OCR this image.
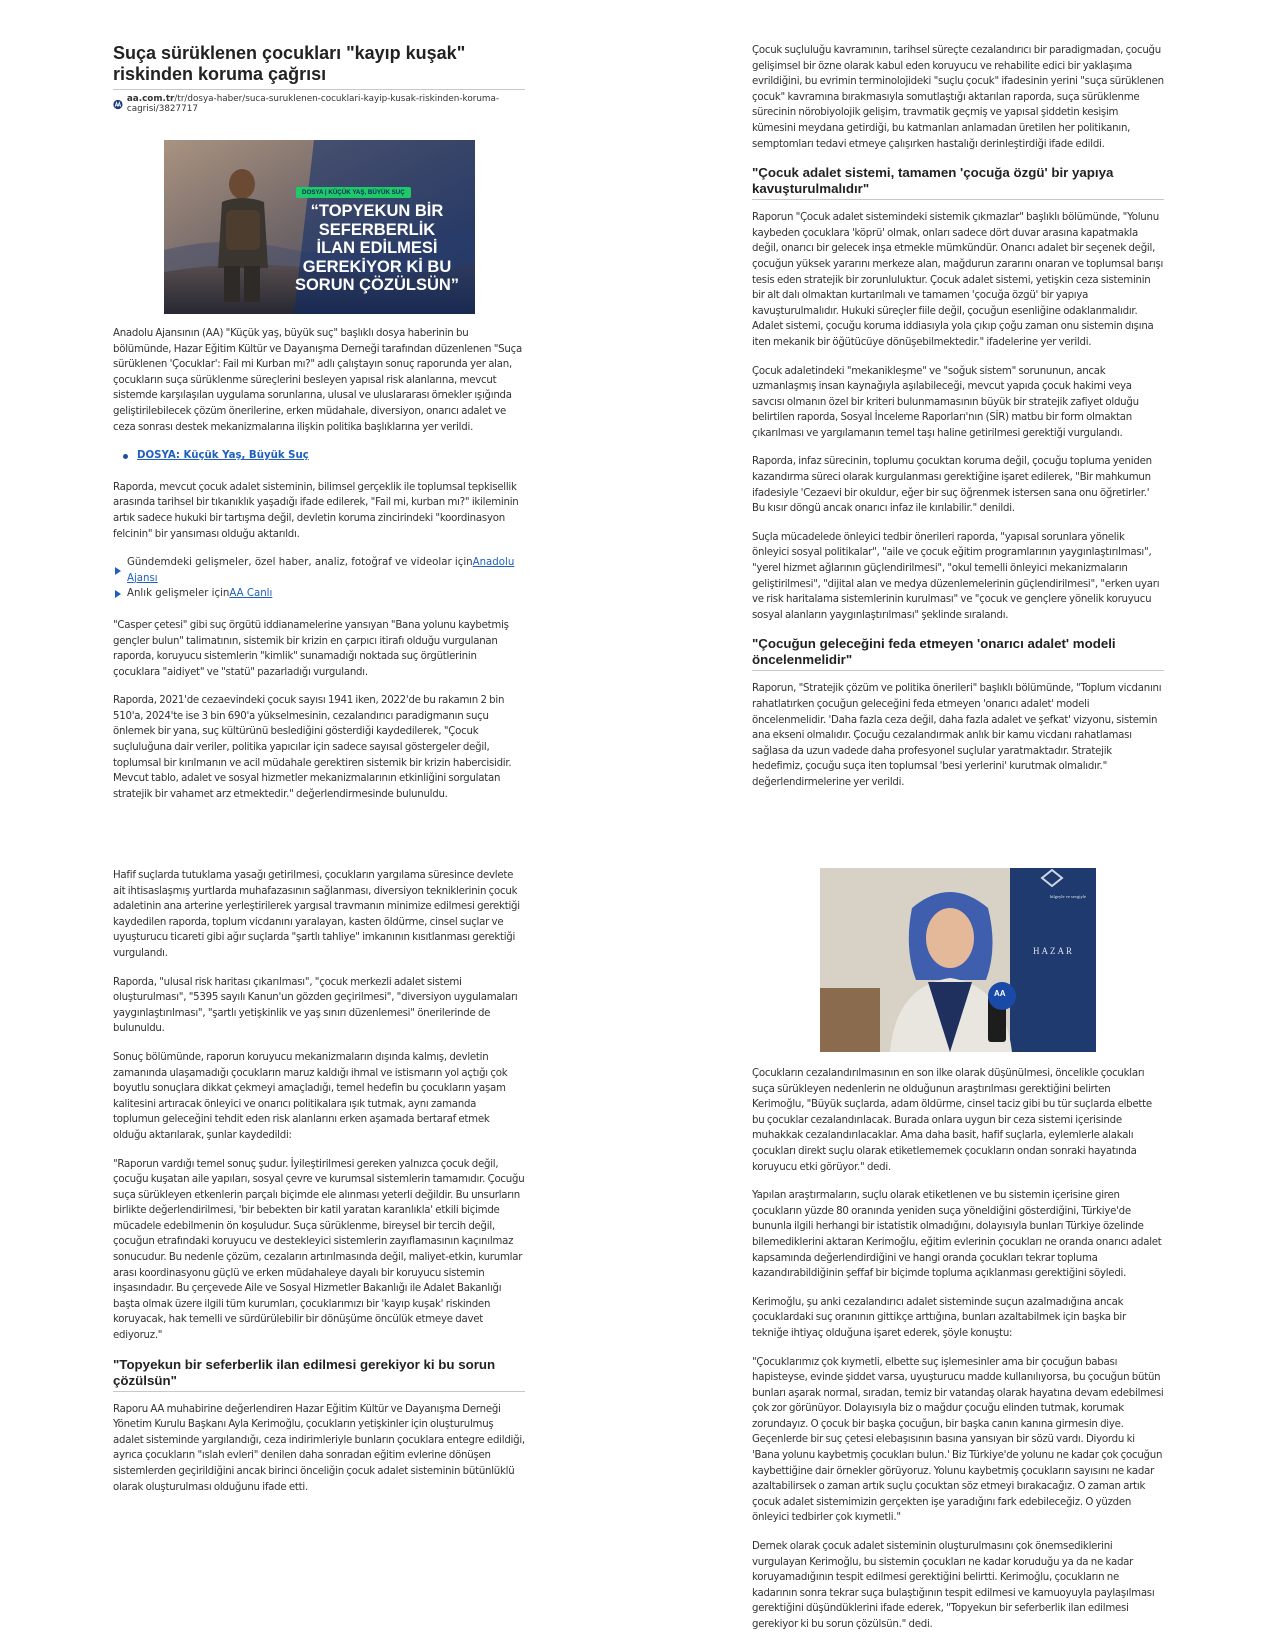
Suça sürüklenen çocukları "kayıp kuşak" riskinden koruma çağrısı
aa.com.tr/tr/dosya-haber/suca-suruklenen-cocuklari-kayip-kusak-riskinden-koruma-cagrisi/3827717
DOSYA | KÜÇÜK YAŞ, BÜYÜK SUÇ
“TOPYEKUN BİR
SEFERBERLİK
İLAN EDİLMESİ
GEREKİYOR Kİ BU
SORUN ÇÖZÜLSÜN”

Anadolu Ajansının (AA) "Küçük yaş, büyük suç" başlıklı dosya haberinin bu bölümünde, Hazar Eğitim Kültür ve Dayanışma Derneği tarafından düzenlenen "Suça sürüklenen 'Çocuklar': Fail mi Kurban mı?" adlı çalıştayın sonuç raporunda yer alan, çocukların suça sürüklenme süreçlerini besleyen yapısal risk alanlarına, mevcut sistemde karşılaşılan uygulama sorunlarına, ulusal ve uluslararası örnekler ışığında geliştirilebilecek çözüm önerilerine, erken müdahale, diversiyon, onarıcı adalet ve ceza sonrası destek mekanizmalarına ilişkin politika başlıklarına yer verildi.

DOSYA: Küçük Yaş, Büyük Suç

Raporda, mevcut çocuk adalet sisteminin, bilimsel gerçeklik ile toplumsal tepkisellik arasında tarihsel bir tıkanıklık yaşadığı ifade edilerek, "Fail mi, kurban mı?" ikileminin artık sadece hukuki bir tartışma değil, devletin koruma zincirindeki "koordinasyon felcinin" bir yansıması olduğu aktarıldı.

Gündemdeki gelişmeler, özel haber, analiz, fotoğraf ve videolar içinAnadolu Ajansı
Anlık gelişmeler içinAA Canlı

"Casper çetesi" gibi suç örgütü iddianamelerine yansıyan "Bana yolunu kaybetmiş gençler bulun" talimatının, sistemik bir krizin en çarpıcı itirafı olduğu vurgulanan raporda, koruyucu sistemlerin "kimlik" sunamadığı noktada suç örgütlerinin çocuklara "aidiyet" ve "statü" pazarladığı vurgulandı.

Raporda, 2021'de cezaevindeki çocuk sayısı 1941 iken, 2022'de bu rakamın 2 bin 510'a, 2024'te ise 3 bin 690'a yükselmesinin, cezalandırıcı paradigmanın suçu önlemek bir yana, suç kültürünü beslediğini gösterdiği kaydedilerek, "Çocuk suçluluğuna dair veriler, politika yapıcılar için sadece sayısal göstergeler değil, toplumsal bir kırılmanın ve acil müdahale gerektiren sistemik bir krizin habercisidir. Mevcut tablo, adalet ve sosyal hizmetler mekanizmalarının etkinliğini sorgulatan stratejik bir vahamet arz etmektedir." değerlendirmesinde bulunuldu.

Çocuk suçluluğu kavramının, tarihsel süreçte cezalandırıcı bir paradigmadan, çocuğu gelişimsel bir özne olarak kabul eden koruyucu ve rehabilite edici bir yaklaşıma evrildiğini, bu evrimin terminolojideki "suçlu çocuk" ifadesinin yerini "suça sürüklenen çocuk" kavramına bırakmasıyla somutlaştığı aktarılan raporda, suça sürüklenme sürecinin nörobiyolojik gelişim, travmatik geçmiş ve yapısal şiddetin kesişim kümesini meydana getirdiği, bu katmanları anlamadan üretilen her politikanın, semptomları tedavi etmeye çalışırken hastalığı derinleştirdiği ifade edildi.

"Çocuk adalet sistemi, tamamen 'çocuğa özgü' bir yapıya kavuşturulmalıdır"

Raporun "Çocuk adalet sistemindeki sistemik çıkmazlar" başlıklı bölümünde, "Yolunu kaybeden çocuklara 'köprü' olmak, onları sadece dört duvar arasına kapatmakla değil, onarıcı bir gelecek inşa etmekle mümkündür. Onarıcı adalet bir seçenek değil, çocuğun yüksek yararını merkeze alan, mağdurun zararını onaran ve toplumsal barışı tesis eden stratejik bir zorunluluktur. Çocuk adalet sistemi, yetişkin ceza sisteminin bir alt dalı olmaktan kurtarılmalı ve tamamen 'çocuğa özgü' bir yapıya kavuşturulmalıdır. Hukuki süreçler fiile değil, çocuğun esenliğine odaklanmalıdır. Adalet sistemi, çocuğu koruma iddiasıyla yola çıkıp çoğu zaman onu sistemin dışına iten mekanik bir öğütücüye dönüşebilmektedir." ifadelerine yer verildi.

Çocuk adaletindeki "mekanikleşme" ve "soğuk sistem" sorununun, ancak uzmanlaşmış insan kaynağıyla aşılabileceği, mevcut yapıda çocuk hakimi veya savcısı olmanın özel bir kriteri bulunmamasının büyük bir stratejik zafiyet olduğu belirtilen raporda, Sosyal İnceleme Raporları'nın (SİR) matbu bir form olmaktan çıkarılması ve yargılamanın temel taşı haline getirilmesi gerektiği vurgulandı.

Raporda, infaz sürecinin, toplumu çocuktan koruma değil, çocuğu topluma yeniden kazandırma süreci olarak kurgulanması gerektiğine işaret edilerek, "Bir mahkumun ifadesiyle 'Cezaevi bir okuldur, eğer bir suç öğrenmek istersen sana onu öğretirler.' Bu kısır döngü ancak onarıcı infaz ile kırılabilir." denildi.

Suçla mücadelede önleyici tedbir önerileri raporda, "yapısal sorunlara yönelik önleyici sosyal politikalar", "aile ve çocuk eğitim programlarının yaygınlaştırılması", "yerel hizmet ağlarının güçlendirilmesi", "okul temelli önleyici mekanizmaların geliştirilmesi", "dijital alan ve medya düzenlemelerinin güçlendirilmesi", "erken uyarı ve risk haritalama sistemlerinin kurulması" ve "çocuk ve gençlere yönelik koruyucu sosyal alanların yaygınlaştırılması" şeklinde sıralandı.

"Çocuğun geleceğini feda etmeyen 'onarıcı adalet' modeli öncelenmelidir"

Raporun, "Stratejik çözüm ve politika önerileri" başlıklı bölümünde, "Toplum vicdanını rahatlatırken çocuğun geleceğini feda etmeyen 'onarıcı adalet' modeli öncelenmelidir. 'Daha fazla ceza değil, daha fazla adalet ve şefkat' vizyonu, sistemin ana ekseni olmalıdır. Çocuğu cezalandırmak anlık bir kamu vicdanı rahatlaması sağlasa da uzun vadede daha profesyonel suçlular yaratmaktadır. Stratejik hedefimiz, çocuğu suça iten toplumsal 'besi yerlerini' kurutmak olmalıdır." değerlendirmelerine yer verildi.

Hafif suçlarda tutuklama yasağı getirilmesi, çocukların yargılama süresince devlete ait ihtisaslaşmış yurtlarda muhafazasının sağlanması, diversiyon tekniklerinin çocuk adaletinin ana arterine yerleştirilerek yargısal travmanın minimize edilmesi gerektiği kaydedilen raporda, toplum vicdanını yaralayan, kasten öldürme, cinsel suçlar ve uyuşturucu ticareti gibi ağır suçlarda "şartlı tahliye" imkanının kısıtlanması gerektiği vurgulandı.

Raporda, "ulusal risk haritası çıkarılması", "çocuk merkezli adalet sistemi oluşturulması", "5395 sayılı Kanun'un gözden geçirilmesi", "diversiyon uygulamaları yaygınlaştırılması", "şartlı yetişkinlik ve yaş sınırı düzenlemesi" önerilerinde de bulunuldu.

Sonuç bölümünde, raporun koruyucu mekanizmaların dışında kalmış, devletin zamanında ulaşamadığı çocukların maruz kaldığı ihmal ve istismarın yol açtığı çok boyutlu sonuçlara dikkat çekmeyi amaçladığı, temel hedefin bu çocukların yaşam kalitesini artıracak önleyici ve onarıcı politikalara ışık tutmak, aynı zamanda toplumun geleceğini tehdit eden risk alanlarını erken aşamada bertaraf etmek olduğu aktarılarak, şunlar kaydedildi:

"Raporun vardığı temel sonuç şudur. İyileştirilmesi gereken yalnızca çocuk değil, çocuğu kuşatan aile yapıları, sosyal çevre ve kurumsal sistemlerin tamamıdır. Çocuğu suça sürükleyen etkenlerin parçalı biçimde ele alınması yeterli değildir. Bu unsurların birlikte değerlendirilmesi, 'bir bebekten bir katil yaratan karanlıkla' etkili biçimde mücadele edebilmenin ön koşuludur. Suça sürüklenme, bireysel bir tercih değil, çocuğun etrafındaki koruyucu ve destekleyici sistemlerin zayıflamasının kaçınılmaz sonucudur. Bu nedenle çözüm, cezaların artırılmasında değil, maliyet-etkin, kurumlar arası koordinasyonu güçlü ve erken müdahaleye dayalı bir koruyucu sistemin inşasındadır. Bu çerçevede Aile ve Sosyal Hizmetler Bakanlığı ile Adalet Bakanlığı başta olmak üzere ilgili tüm kurumları, çocuklarımızı bir 'kayıp kuşak' riskinden koruyacak, hak temelli ve sürdürülebilir bir dönüşüme öncülük etmeye davet ediyoruz."

"Topyekun bir seferberlik ilan edilmesi gerekiyor ki bu sorun çözülsün"

Raporu AA muhabirine değerlendiren Hazar Eğitim Kültür ve Dayanışma Derneği Yönetim Kurulu Başkanı Ayla Kerimoğlu, çocukların yetişkinler için oluşturulmuş adalet sisteminde yargılandığı, ceza indirimleriyle bunların çocuklara entegre edildiği, ayrıca çocukların "ıslah evleri" denilen daha sonradan eğitim evlerine dönüşen sistemlerden geçirildiğini ancak birinci önceliğin çocuk adalet sisteminin bütünlüklü olarak oluşturulması olduğunu ifade etti.

bilgeyle ve sevgiyle
HAZAR
AA

Çocukların cezalandırılmasının en son ilke olarak düşünülmesi, öncelikle çocukları suça sürükleyen nedenlerin ne olduğunun araştırılması gerektiğini belirten Kerimoğlu, "Büyük suçlarda, adam öldürme, cinsel taciz gibi bu tür suçlarda elbette bu çocuklar cezalandırılacak. Burada onlara uygun bir ceza sistemi içerisinde muhakkak cezalandırılacaklar. Ama daha basit, hafif suçlarla, eylemlerle alakalı çocukları direkt suçlu olarak etiketlememek çocukların ondan sonraki hayatında koruyucu etki görüyor." dedi.

Yapılan araştırmaların, suçlu olarak etiketlenen ve bu sistemin içerisine giren çocukların yüzde 80 oranında yeniden suça yöneldiğini gösterdiğini, Türkiye'de bununla ilgili herhangi bir istatistik olmadığını, dolayısıyla bunları Türkiye özelinde bilemediklerini aktaran Kerimoğlu, eğitim evlerinin çocukları ne oranda onarıcı adalet kapsamında değerlendirdiğini ve hangi oranda çocukları tekrar topluma kazandırabildiğinin şeffaf bir biçimde topluma açıklanması gerektiğini söyledi.

Kerimoğlu, şu anki cezalandırıcı adalet sisteminde suçun azalmadığına ancak çocuklardaki suç oranının gittikçe arttığına, bunları azaltabilmek için başka bir tekniğe ihtiyaç olduğuna işaret ederek, şöyle konuştu:

"Çocuklarımız çok kıymetli, elbette suç işlemesinler ama bir çocuğun babası hapisteyse, evinde şiddet varsa, uyuşturucu madde kullanılıyorsa, bu çocuğun bütün bunları aşarak normal, sıradan, temiz bir vatandaş olarak hayatına devam edebilmesi çok zor görünüyor. Dolayısıyla biz o mağdur çocuğu elinden tutmak, korumak zorundayız. O çocuk bir başka çocuğun, bir başka canın kanına girmesin diye. Geçenlerde bir suç çetesi elebaşısının basına yansıyan bir sözü vardı. Diyordu ki 'Bana yolunu kaybetmiş çocukları bulun.' Biz Türkiye'de yolunu ne kadar çok çocuğun kaybettiğine dair örnekler görüyoruz. Yolunu kaybetmiş çocukların sayısını ne kadar azaltabilirsek o zaman artık suçlu çocuktan söz etmeyi bırakacağız. O zaman artık çocuk adalet sistemimizin gerçekten işe yaradığını fark edebileceğiz. O yüzden önleyici tedbirler çok kıymetli."

Dernek olarak çocuk adalet sisteminin oluşturulmasını çok önemsediklerini vurgulayan Kerimoğlu, bu sistemin çocukları ne kadar koruduğu ya da ne kadar koruyamadığının tespit edilmesi gerektiğini belirtti. Kerimoğlu, çocukların ne kadarının sonra tekrar suça bulaştığının tespit edilmesi ve kamuoyuyla paylaşılması gerektiğini düşündüklerini ifade ederek, "Topyekun bir seferberlik ilan edilmesi gerekiyor ki bu sorun çözülsün." dedi.
